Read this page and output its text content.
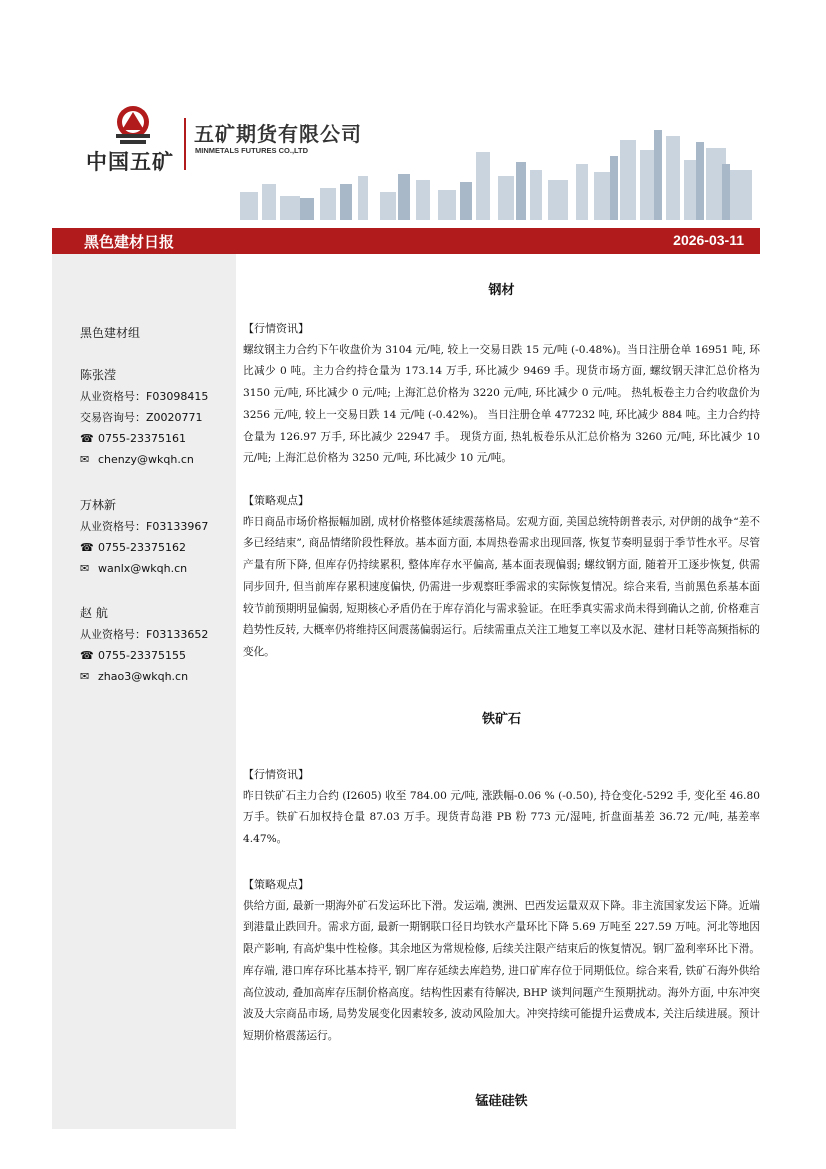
中国五矿
五矿期货有限公司
MINMETALS FUTURES CO.,LTD
黑色建材日报	2026-03-11
黑色建材组
陈张滢
从业资格号：F03098415
交易咨询号：Z0020771
☎ 0755-23375161
✉ chenzy@wkqh.cn
万林新
从业资格号：F03133967
☎ 0755-23375162
✉ wanlx@wkqh.cn
赵 航
从业资格号：F03133652
☎ 0755-23375155
✉ zhao3@wkqh.cn
钢材
【行情资讯】
螺纹钢主力合约下午收盘价为 3104 元/吨, 较上一交易日跌 15 元/吨 (-0.48%)。当日注册仓单 16951 吨, 环比减少 0 吨。主力合约持仓量为 173.14 万手, 环比减少 9469 手。现货市场方面, 螺纹钢天津汇总价格为 3150 元/吨, 环比减少 0 元/吨; 上海汇总价格为 3220 元/吨, 环比减少 0 元/吨。 热轧板卷主力合约收盘价为 3256 元/吨, 较上一交易日跌 14 元/吨 (-0.42%)。 当日注册仓单 477232 吨, 环比减少 884 吨。主力合约持仓量为 126.97 万手, 环比减少 22947 手。 现货方面, 热轧板卷乐从汇总价格为 3260 元/吨, 环比减少 10 元/吨; 上海汇总价格为 3250 元/吨, 环比减少 10 元/吨。
【策略观点】
昨日商品市场价格振幅加剧, 成材价格整体延续震荡格局。宏观方面, 美国总统特朗普表示, 对伊朗的战争“差不多已经结束”, 商品情绪阶段性释放。基本面方面, 本周热卷需求出现回落, 恢复节奏明显弱于季节性水平。尽管产量有所下降, 但库存仍持续累积, 整体库存水平偏高, 基本面表现偏弱; 螺纹钢方面, 随着开工逐步恢复, 供需同步回升, 但当前库存累积速度偏快, 仍需进一步观察旺季需求的实际恢复情况。综合来看, 当前黑色系基本面较节前预期明显偏弱, 短期核心矛盾仍在于库存消化与需求验证。在旺季真实需求尚未得到确认之前, 价格难言趋势性反转, 大概率仍将维持区间震荡偏弱运行。后续需重点关注工地复工率以及水泥、建材日耗等高频指标的变化。
铁矿石
【行情资讯】
昨日铁矿石主力合约 (I2605) 收至 784.00 元/吨, 涨跌幅-0.06 % (-0.50), 持仓变化-5292 手, 变化至 46.80 万手。铁矿石加权持仓量 87.03 万手。现货青岛港 PB 粉 773 元/湿吨, 折盘面基差 36.72 元/吨, 基差率 4.47%。
【策略观点】
供给方面, 最新一期海外矿石发运环比下滑。发运端, 澳洲、巴西发运量双双下降。非主流国家发运下降。近端到港量止跌回升。需求方面, 最新一期钢联口径日均铁水产量环比下降 5.69 万吨至 227.59 万吨。河北等地因限产影响, 有高炉集中性检修。其余地区为常规检修, 后续关注限产结束后的恢复情况。钢厂盈利率环比下滑。库存端, 港口库存环比基本持平, 钢厂库存延续去库趋势, 进口矿库存位于同期低位。综合来看, 铁矿石海外供给高位波动, 叠加高库存压制价格高度。结构性因素有待解决, BHP 谈判问题产生预期扰动。海外方面, 中东冲突波及大宗商品市场, 局势发展变化因素较多, 波动风险加大。冲突持续可能提升运费成本, 关注后续进展。预计短期价格震荡运行。
锰硅硅铁
